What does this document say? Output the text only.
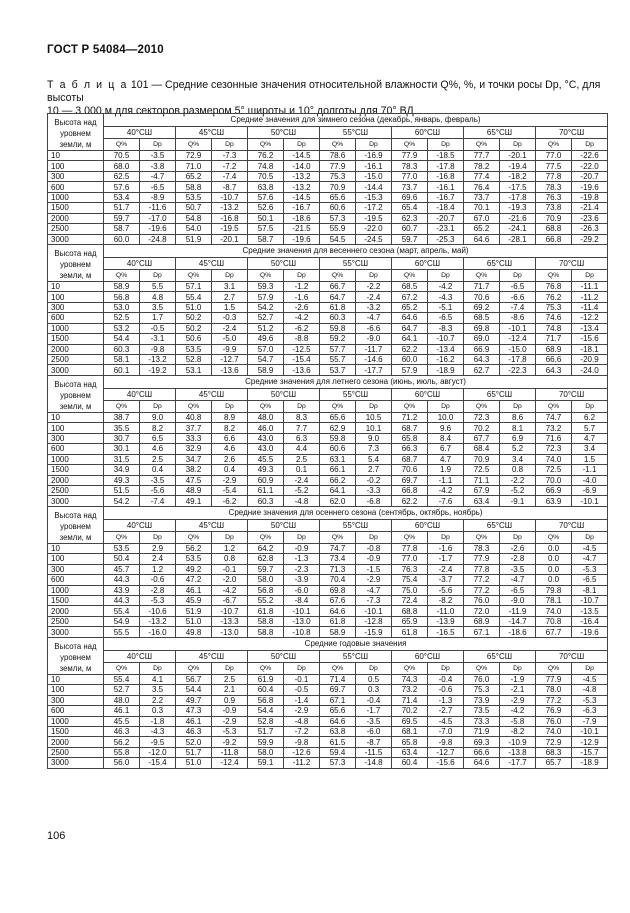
ГОСТ Р 54084—2010
Т а б л и ц а 101 — Средние сезонные значения относительной влажности Q%, %, и точки росы Dp, °С, для высоты
10 — 3 000 м для секторов размером 5° широты и 10° долготы для 70° ВД
Высота над уровнем земли, м	Средние значения для зимнего сезона (декабрь, январь, февраль)													
	40°СШ		45°СШ		50°СШ		55°СШ		60°СШ		65°СШ		70°СШ	
	Q%	Dp	Q%	Dp	Q%	Dp	Q%	Dp	Q%	Dp	Q%	Dp	Q%	Dp
10	70.5	-3.5	72.9	-7.3	76.2	-14.5	78.6	-16.9	77.9	-18.5	77.7	-20.1	77.0	-22.6
100	68.0	-3.8	71.0	-7.2	74.8	-14.0	77.9	-16.1	78.3	-17.8	78.2	-19.4	77.5	-22.0
300	62.5	-4.7	65.2	-7.4	70.5	-13.2	75.3	-15.0	77.0	-16.8	77.4	-18.2	77.8	-20.7
600	57.6	-6.5	58.8	-8.7	63.8	-13.2	70.9	-14.4	73.7	-16.1	76.4	-17.5	78.3	-19.6
1000	53.4	-8.9	53.5	-10.7	57.6	-14.5	65.6	-15.3	69.6	-16.7	73.7	-17.8	76.3	-19.8
1500	51.7	-11.6	50.7	-13.2	52.6	-16.7	60.6	-17.2	65.4	-18.4	70.1	-19.3	73.8	-21.4
2000	59.7	-17.0	54.8	-16.8	50.1	-18.6	57.3	-19.5	62.3	-20.7	67.0	-21.6	70.9	-23.6
2500	58.7	-19.6	54.0	-19.5	57.5	-21.5	55.9	-22.0	60.7	-23.1	65.2	-24.1	68.8	-26.3
3000	60.0	-24.8	51.9	-20.1	58.7	-19.6	54.5	-24.5	59.7	-25.3	64.6	-28.1	66.8	-29.2
Высота над уровнем земли, м	Средние значения для весеннего сезона (март, апрель, май)													
	40°СШ		45°СШ		50°СШ		55°СШ		60°СШ		65°СШ		70°СШ	
	Q%	Dp	Q%	Dp	Q%	Dp	Q%	Dp	Q%	Dp	Q%	Dp	Q%	Dp
10	58.9	5.5	57.1	3.1	59.3	-1.2	66.7	-2.2	68.5	-4.2	71.7	-6.5	76.8	-11.1
100	56.8	4.8	55.4	2.7	57.9	-1.6	64.7	-2.4	67.2	-4.3	70.6	-6.6	76.2	-11.2
300	53.0	3.5	51.0	1.5	54.2	-2.6	61.8	-3.2	65.2	-5.1	69.2	-7.4	75.3	-11.4
600	52.5	1.7	50.2	-0.3	52.7	-4.2	60.3	-4.7	64.6	-6.5	68.5	-8.6	74.6	-12.2
1000	53.2	-0.5	50.2	-2.4	51.2	-6.2	59.8	-6.6	64.7	-8.3	69.8	-10.1	74.8	-13.4
1500	54.4	-3.1	50.6	-5.0	49.6	-8.8	59.2	-9.0	64.1	-10.7	69.0	-12.4	71.7	-15.6
2000	60.3	-9.8	53.5	-9.9	57.0	-12.5	57.7	-11.7	62.2	-13.4	66.9	-15.0	68.9	-18.1
2500	58.1	-13.2	52.8	-12.7	54.7	-15.4	55.7	-14.6	60.0	-16.2	64.3	-17.8	66.6	-20.9
3000	60.1	-19.2	53.1	-13.6	58.9	-13.6	53.7	-17.7	57.9	-18.9	62.7	-22.3	64.3	-24.0
Высота над уровнем земли, м	Средние значения для летнего сезона (июнь, июль, август)													
	40°СШ		45°СШ		50°СШ		55°СШ		60°СШ		65°СШ		70°СШ	
	Q%	Dp	Q%	Dp	Q%	Dp	Q%	Dp	Q%	Dp	Q%	Dp	Q%	Dp
10	38.7	9.0	40.8	8.9	48.0	8.3	65.6	10.5	71.2	10.0	72.3	8.6	74.7	6.2
100	35.5	8.2	37.7	8.2	46.0	7.7	62.9	10.1	68.7	9.6	70.2	8.1	73.2	5.7
300	30.7	6.5	33.3	6.6	43.0	6.3	59.8	9.0	65.8	8.4	67.7	6.9	71.6	4.7
600	30.1	4.6	32.9	4.6	43.0	4.4	60.6	7.3	66.3	6.7	68.4	5.2	72.3	3.4
1000	31.5	2.5	34.7	2.6	45.5	2.5	63.1	5.4	68.7	4.7	70.9	3.4	74.0	1.5
1500	34.9	0.4	38.2	0.4	49.3	0.1	66.1	2.7	70.6	1.9	72.5	0.8	72.5	-1.1
2000	49.3	-3.5	47.5	-2.9	60.9	-2.4	66.2	-0.2	69.7	-1.1	71.1	-2.2	70.0	-4.0
2500	51.5	-5.6	48.9	-5.4	61.1	-5.2	64.1	-3.3	66.8	-4.2	67.9	-5.2	66.9	-6.9
3000	54.2	-7.4	49.1	-6.2	60.3	-4.8	62.0	-6.8	62.2	-7.6	63.4	-9.1	63.9	-10.1
Высота над уровнем земли, м	Средние значения для осеннего сезона (сентябрь, октябрь, ноябрь)													
	40°СШ		45°СШ		50°СШ		55°СШ		60°СШ		65°СШ		70°СШ	
	Q%	Dp	Q%	Dp	Q%	Dp	Q%	Dp	Q%	Dp	Q%	Dp	Q%	Dp
10	53.5	2.9	56.2	1.2	64.2	-0.9	74.7	-0.8	77.8	-1.6	78.3	-2.6	0.0	-4.5
100	50.4	2.4	53.5	0.8	62.8	-1.3	73.4	-0.9	77.0	-1.7	77.9	-2.8	0.0	-4.7
300	45.7	1.2	49.2	-0.1	59.7	-2.3	71.3	-1.5	76.3	-2.4	77.8	-3.5	0.0	-5.3
600	44.3	-0.6	47.2	-2.0	58.0	-3.9	70.4	-2.9	75.4	-3.7	77.2	-4.7	0.0	-6.5
1000	43.9	-2.8	46.1	-4.2	56.8	-6.0	69.8	-4.7	75.0	-5.6	77.2	-6.5	79.8	-8.1
1500	44.3	-5.3	45.9	-6.7	55.2	-8.4	67.6	-7.3	72.4	-8.2	76.0	-9.0	78.1	-10.7
2000	55.4	-10.6	51.9	-10.7	61.8	-10.1	64.6	-10.1	68.8	-11.0	72.0	-11.9	74.0	-13.5
2500	54.9	-13.2	51.0	-13.3	58.8	-13.0	61.8	-12.8	65.9	-13.9	68.9	-14.7	70.8	-16.4
3000	55.5	-16.0	49.8	-13.0	58.8	-10.8	58.9	-15.9	61.8	-16.5	67.1	-18.6	67.7	-19.6
Высота над уровнем земли, м	Средние годовые значения													
	40°СШ		45°СШ		50°СШ		55°СШ		60°СШ		65°СШ		70°СШ	
	Q%	Dp	Q%	Dp	Q%	Dp	Q%	Dp	Q%	Dp	Q%	Dp	Q%	Dp
10	55.4	4.1	56.7	2.5	61.9	-0.1	71.4	0.5	74.3	-0.4	76.0	-1.9	77.9	-4.5
100	52.7	3.5	54.4	2.1	60.4	-0.5	69.7	0.3	73.2	-0.6	75.3	-2.1	78.0	-4.8
300	48.0	2.2	49.7	0.9	56.8	-1.4	67.1	-0.4	71.4	-1.3	73.9	-2.9	77.2	-5.3
600	46.1	0.3	47.3	-0.9	54.4	-2.9	65.6	-1.7	70.2	-2.7	73.5	-4.2	76.9	-6.3
1000	45.5	-1.8	46.1	-2.9	52.8	-4.8	64.6	-3.5	69.5	-4.5	73.3	-5.8	76.0	-7.9
1500	46.3	-4.3	46.3	-5.3	51.7	-7.2	63.8	-6.0	68.1	-7.0	71.9	-8.2	74.0	-10.1
2000	56.2	-9.5	52.0	-9.2	59.9	-9.8	61.5	-8.7	65.8	-9.8	69.3	-10.9	72.9	-12.9
2500	55.8	-12.0	51.7	-11.8	58.0	-12.6	59.4	-11.5	63.4	-12.7	66.6	-13.8	68.3	-15.7
3000	56.0	-15.4	51.0	-12.4	59.1	-11.2	57.3	-14.8	60.4	-15.6	64.6	-17.7	65.7	-18.9
106
